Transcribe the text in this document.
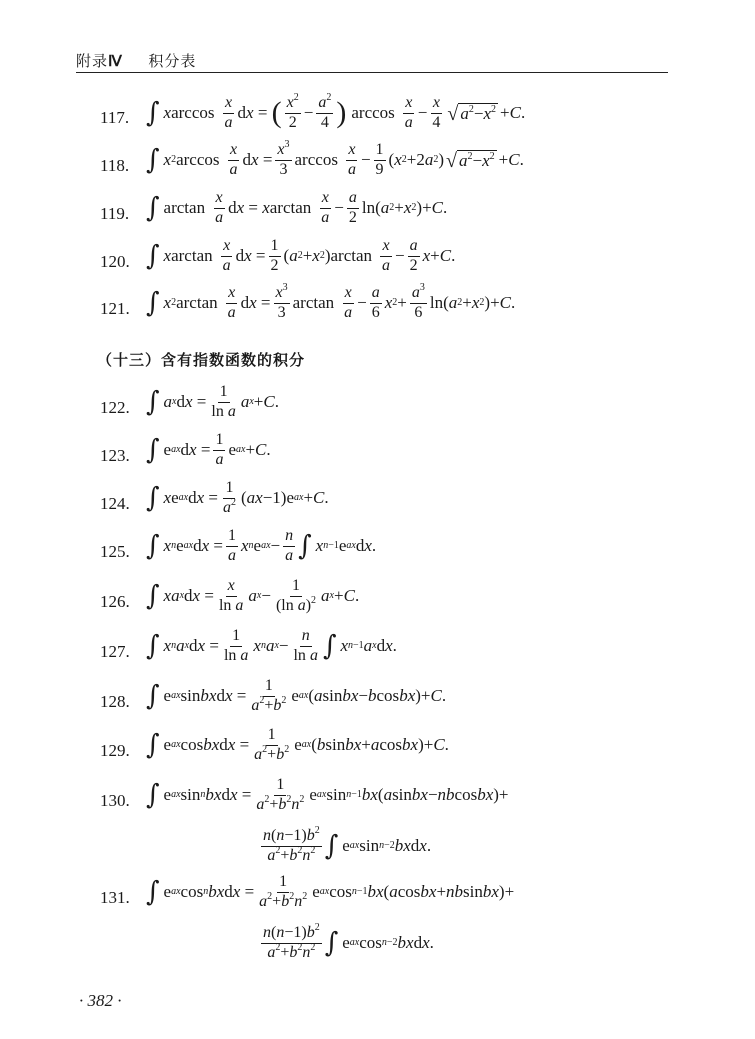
附录Ⅳ 积分表
117. ∫ x $\arccos \frac{x}{a}$ d x = ( $\frac{x^2}{2} - \frac{a^2}{4}$ ) $\arccos \frac{x}{a} - \frac{x}{4}$ √ $a^2-x^2 + C$ .
118. ∫ x 2 $\arccos \frac{x}{a}$ d $x = \frac{x^3}{3}$ $\arccos \frac{x}{a} - \frac{1}{9}$ ( x 2 +2 a 2 ) √ $a^2-x^2 + C$ .
119. ∫ $\arctan \frac{x}{a}$ d x = x $\arctan \frac{x}{a} - \frac{a}{2} \ln$( a 2 + x 2 )+ C .
120. ∫ x $\arctan \frac{x}{a}$ d $x = \frac{1}{2}$ ( a 2 + x 2 )$\arctan \frac{x}{a} - \frac{a}{2}$ x + C .
121. ∫ x 2 $\arctan \frac{x}{a}$ d $x = \frac{x^3}{3}$ $\arctan \frac{x}{a} - \frac{a}{6}$ x $2 + \frac{a^3}{6} \ln$( a 2 + x 2 )+ C .
（十三）含有指数函数的积分
122. ∫ a x d $x = \frac{1}{\text{ln a}}$ a x + C .
123. ∫ e ax d $x = \frac{1}{a}$ e ax + C .
124. ∫ x e ax d $x = \frac{1}{a^2}$ ( ax −1)e ax + C .
125. ∫ x n e ax d $x = \frac{1}{a}$ x n e ax − $\frac{n}{a}$ ∫ x n−1 e ax d x .
126. ∫ xa x d $x = \frac{x}{\text{ln a}}$ a $x - \frac{1}{(\ln a)^2}$ a x + C .
127. ∫ x n a x d $x = \frac{1}{\text{ln a}}$ x n a $x - \frac{n}{\text{ln a}}$ ∫ x n−1 a x d x .
128. ∫ e ax sin bx d $x = \frac{1}{a^2+b^2}$ e ax ( a sin bx − b cos bx )+ C .
129. ∫ e ax cos bx d $x = \frac{1}{a^2+b^2}$ e ax ( b sin bx + a cos bx )+ C .
130. ∫ e ax sin n bx d $x = \frac{1}{a^2+b^2n^2}$ e ax sin n−1 bx ( a sin bx − nb cos bx )+
$\frac{n(n-1)b^2}{a^2+b^2n^2}$ ∫ e ax sin n−2 bx d x .
131. ∫ e ax cos n bx d $x = \frac{1}{a^2+b^2n^2}$ e ax cos n−1 bx ( a cos bx + nb sin bx )+
$\frac{n(n-1)b^2}{a^2+b^2n^2}$ ∫ e ax cos n−2 bx d x .
· 382 ·
